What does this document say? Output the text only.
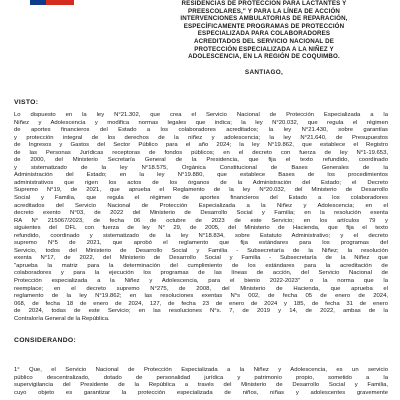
RESIDENCIAS DE PROTECCIÓN PARA LACTANTES Y
PREESCOLARES," Y PARA LA LÍNEA DE ACCIÓN
INTERVENCIONES AMBULATORIAS DE REPARACIÓN,
ESPECÍFICAMENTE PROGRAMAS DE PROTECCIÓN
ESPECIALIZADA PARA COLABORADORES
ACREDITADOS DEL SERVICIO NACIONAL DE
PROTECCIÓN ESPECIALIZADA A LA NIÑEZ Y
ADOLESCENCIA, EN LA REGIÓN DE COQUIMBO.
SANTIAGO,
VISTO:
Lo dispuesto en la ley N°21.302, que crea el Servicio Nacional de Protección Especializada a la
Niñez y Adolescencia y modifica normas legales que indica; la ley N°20.032, que regula el régimen
de aportes financieros del Estado a los colaboradores acreditados; la ley N°21.430, sobre garantías
y protección integral de los derechos de la niñez y adolescencia; la ley N°21.640, de Presupuestos
de Ingresos y Gastos del Sector Público para el año 2024; la ley N°19.862, que establece el Registro
de las Personas Jurídicas receptoras de fondos públicos; en el decreto con fuerza de ley N°1-19.653,
de 2000, del Ministerio Secretaría General de la Presidencia, que fija el texto refundido, coordinado
y sistematizado de la ley N°18.575, Orgánica Constitucional de Bases Generales de la
Administración del Estado; en la ley N°19.880, que establece Bases de los procedimientos
administrativos que rigen los actos de los órganos de la Administración del Estado; el Decreto
Supremo N°19, de 2021, que aprueba el Reglamento de la ley N°20.032, del Ministerio de Desarrollo
Social y Familia, que regula el régimen de aportes financieros del Estado a los colaboradores
acreditados del Servicio Nacional de Protección Especializada a la Niñez y Adolescencia; en el
decreto exento N°03, de 2022 del Ministerio de Desarrollo Social y Familia; en la resolución exenta
RA N° 215067/2023, de fecha 06 de octubre de 2023 de este Servicio; en los artículos 79 y
siguientes del DFL con fuerza de ley N° 29, de 2005, del Ministerio de Hacienda, que fija el texto
refundido, coordinado y sistematizado de la ley N°18.834, sobre Estatuto Administrativo; y el decreto
supremo N°5 de 2021, que aprobó el reglamento que fija estándares para los programas del
Servicio, todos del Ministerio de Desarrollo Social y Familia - Subsecretaría de la Niñez; la resolución
exenta N°17, de 2022, del Ministerio de Desarrollo Social y Familia - Subsecretaría de la Niñez que
"aprueba la matriz para la determinación del cumplimiento de los estándares para la acreditación de
colaboradores y para la ejecución los programas de las líneas de acción, del Servicio Nacional de
Protección especializada a la Niñez y Adolescencia, para el bienio 2022-2023" o la norma que la
reemplace; en el decreto supremo N°275, de 2008, del Ministerio de Hacienda, que aprueba el
reglamento de la ley N°19.862; en las resoluciones exentas N°s 002, de fecha 05 de enero de 2024,
068, de fecha 18 de enero de 2024, 127, de fecha 23 de enero de 2024 y 185, de fecha 31 de enero
de 2024, todas de este Servicio; en las resoluciones N°s. 7, de 2019 y 14, de 2022, ambas de la
Contraloría General de la República.
CONSIDERANDO:
1° Que, el Servicio Nacional de Protección Especializada a la Niñez y Adolescencia, es un servicio
público descentralizado, dotado de personalidad jurídica y patrimonio propio, sometido a la
supervigilancia del Presidente de la República a través del Ministerio de Desarrollo Social y Familia,
cuyo objeto es garantizar la protección especializada de niños, niñas y adolescentes gravemente
